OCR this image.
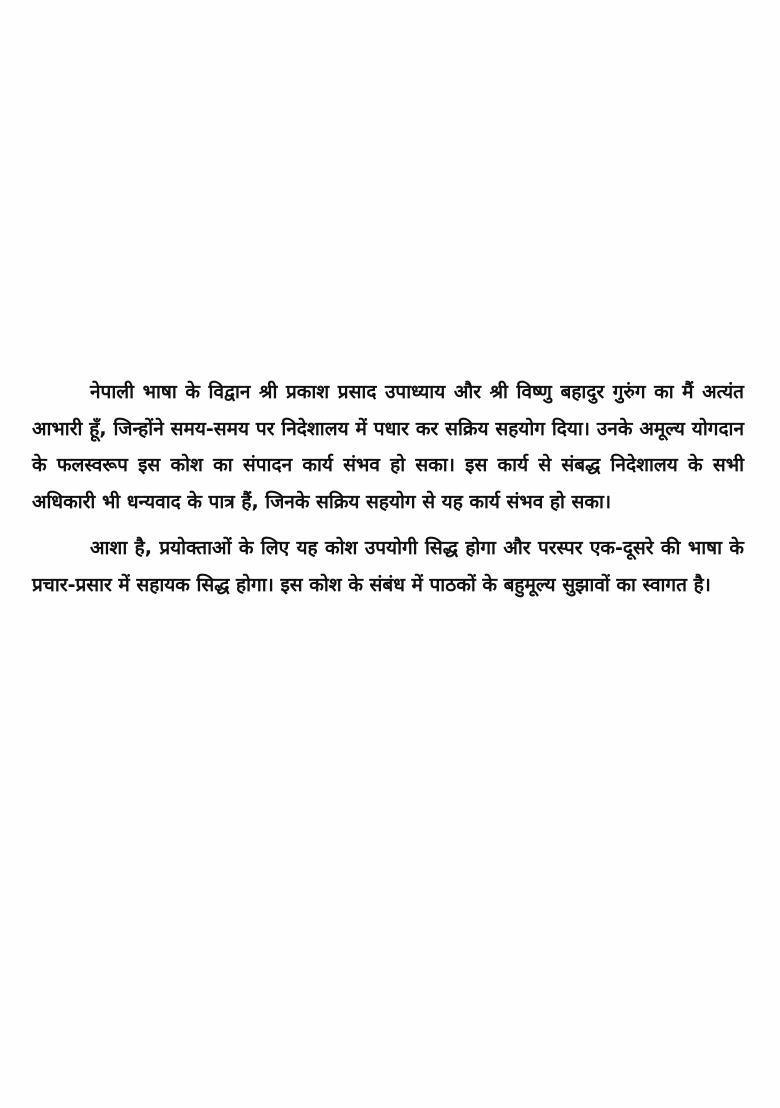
नेपाली भाषा के विद्वान श्री प्रकाश प्रसाद उपाध्याय और श्री विष्णु बहादुर गुरुंग का मैं अत्यंत आभारी हूँ, जिन्होंने समय-समय पर निदेशालय में पधार कर सक्रिय सहयोग दिया। उनके अमूल्य योगदान के फलस्वरूप इस कोश का संपादन कार्य संभव हो सका। इस कार्य से संबद्ध निदेशालय के सभी अधिकारी भी धन्यवाद के पात्र हैं, जिनके सक्रिय सहयोग से यह कार्य संभव हो सका।

आशा है, प्रयोक्ताओं के लिए यह कोश उपयोगी सिद्ध होगा और परस्पर एक-दूसरे की भाषा के प्रचार-प्रसार में सहायक सिद्ध होगा। इस कोश के संबंध में पाठकों के बहुमूल्य सुझावों का स्वागत है।
